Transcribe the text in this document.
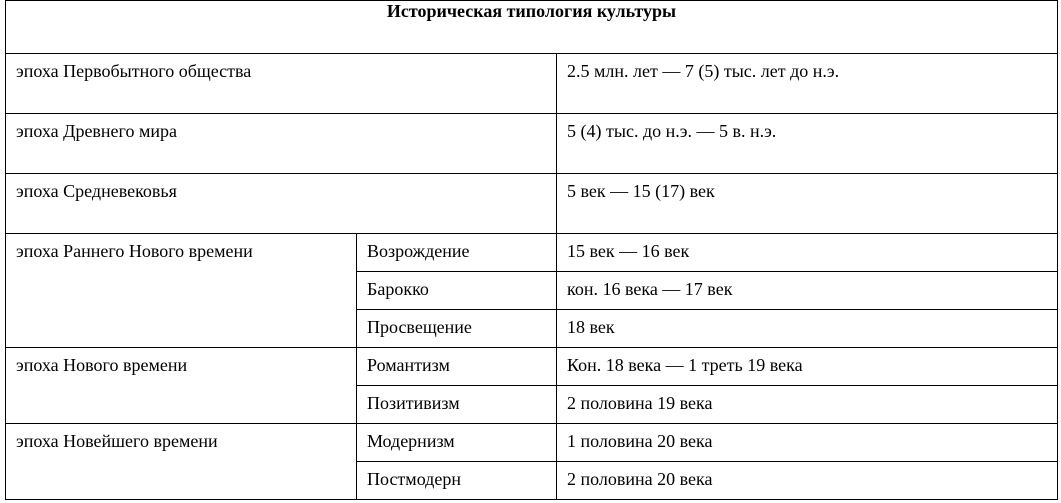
Историческая типология культуры		

эпоха Первобытного общества		2.5 млн. лет — 7 (5) тыс. лет до н.э.

эпоха Древнего мира		5 (4) тыс. до н.э. — 5 в. н.э.

эпоха Средневековья		5 век — 15 (17) век

эпоха Раннего Нового времени	Возрождение	15 век — 16 век

	Барокко	кон. 16 века — 17 век

	Просвещение	18 век

эпоха Нового времени	Романтизм	Кон. 18 века — 1 треть 19 века

	Позитивизм	2 половина 19 века

эпоха Новейшего времени	Модернизм	1 половина 20 века

	Постмодерн	2 половина 20 века
